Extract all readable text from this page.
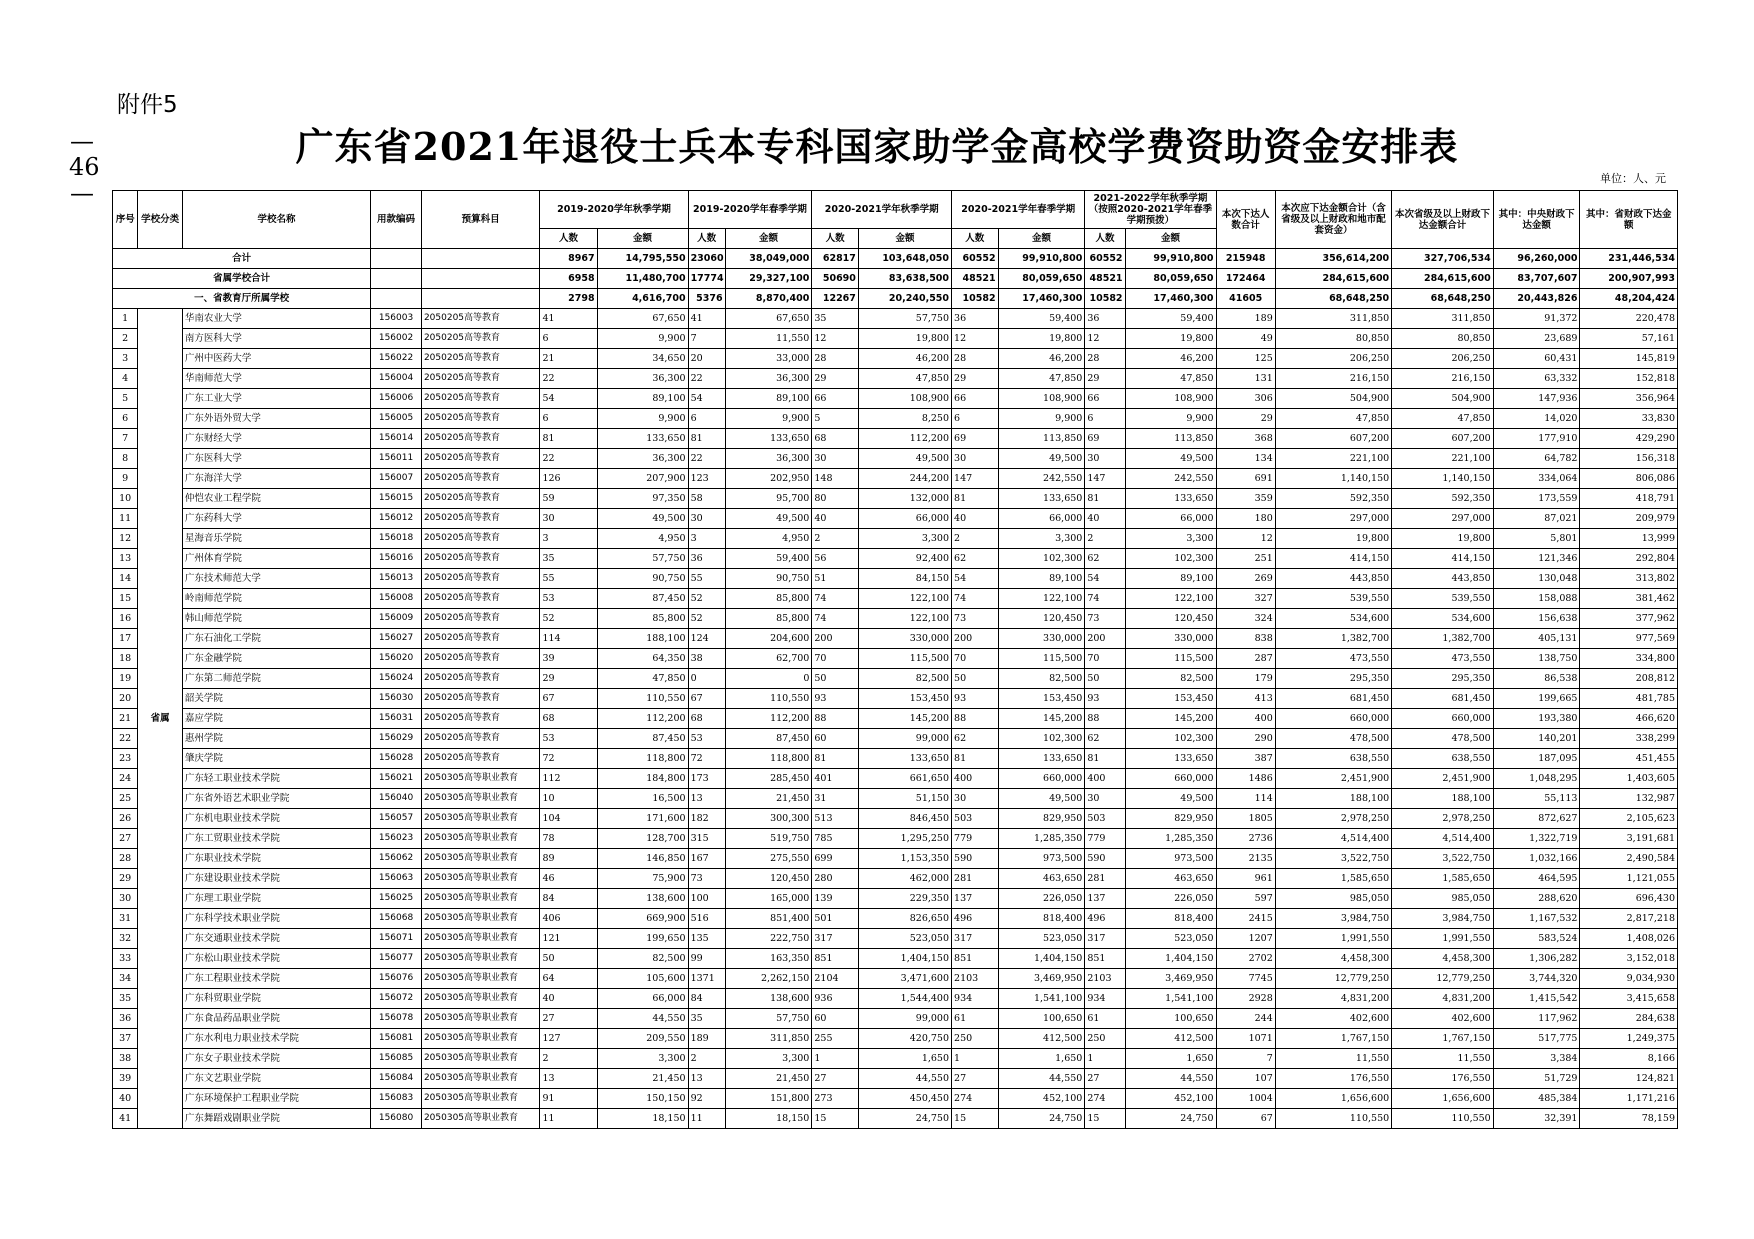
附件5
—
46
—
广东省2021年退役士兵本专科国家助学金高校学费资助资金安排表
单位：人、元
序号	学校分类	学校名称	用款编码	预算科目	2019-2020学年秋季学期		2019-2020学年春季学期		2020-2021学年秋季学期		2020-2021学年春季学期		2021-2022学年秋季学期（按照2020-2021学年春季学期预拨）		本次下达人数合计	本次应下达金额合计（含省级及以上财政和地市配套资金）	本次省级及以上财政下达金额合计	其中：中央财政下达金额	其中：省财政下达金额
					人数	金额	人数	金额	人数	金额	人数	金额	人数	金额					
合计					8967	14,795,550	23060	38,049,000	62817	103,648,050	60552	99,910,800	60552	99,910,800	215948	356,614,200	327,706,534	96,260,000	231,446,534
省属学校合计					6958	11,480,700	17774	29,327,100	50690	83,638,500	48521	80,059,650	48521	80,059,650	172464	284,615,600	284,615,600	83,707,607	200,907,993
一、省教育厅所属学校					2798	4,616,700	5376	8,870,400	12267	20,240,550	10582	17,460,300	10582	17,460,300	41605	68,648,250	68,648,250	20,443,826	48,204,424
1	省属	华南农业大学	156003	2050205高等教育	41	67,650	41	67,650	35	57,750	36	59,400	36	59,400	189	311,850	311,850	91,372	220,478
2		南方医科大学	156002	2050205高等教育	6	9,900	7	11,550	12	19,800	12	19,800	12	19,800	49	80,850	80,850	23,689	57,161
3		广州中医药大学	156022	2050205高等教育	21	34,650	20	33,000	28	46,200	28	46,200	28	46,200	125	206,250	206,250	60,431	145,819
4		华南师范大学	156004	2050205高等教育	22	36,300	22	36,300	29	47,850	29	47,850	29	47,850	131	216,150	216,150	63,332	152,818
5		广东工业大学	156006	2050205高等教育	54	89,100	54	89,100	66	108,900	66	108,900	66	108,900	306	504,900	504,900	147,936	356,964
6		广东外语外贸大学	156005	2050205高等教育	6	9,900	6	9,900	5	8,250	6	9,900	6	9,900	29	47,850	47,850	14,020	33,830
7		广东财经大学	156014	2050205高等教育	81	133,650	81	133,650	68	112,200	69	113,850	69	113,850	368	607,200	607,200	177,910	429,290
8		广东医科大学	156011	2050205高等教育	22	36,300	22	36,300	30	49,500	30	49,500	30	49,500	134	221,100	221,100	64,782	156,318
9		广东海洋大学	156007	2050205高等教育	126	207,900	123	202,950	148	244,200	147	242,550	147	242,550	691	1,140,150	1,140,150	334,064	806,086
10		仲恺农业工程学院	156015	2050205高等教育	59	97,350	58	95,700	80	132,000	81	133,650	81	133,650	359	592,350	592,350	173,559	418,791
11		广东药科大学	156012	2050205高等教育	30	49,500	30	49,500	40	66,000	40	66,000	40	66,000	180	297,000	297,000	87,021	209,979
12		星海音乐学院	156018	2050205高等教育	3	4,950	3	4,950	2	3,300	2	3,300	2	3,300	12	19,800	19,800	5,801	13,999
13		广州体育学院	156016	2050205高等教育	35	57,750	36	59,400	56	92,400	62	102,300	62	102,300	251	414,150	414,150	121,346	292,804
14		广东技术师范大学	156013	2050205高等教育	55	90,750	55	90,750	51	84,150	54	89,100	54	89,100	269	443,850	443,850	130,048	313,802
15		岭南师范学院	156008	2050205高等教育	53	87,450	52	85,800	74	122,100	74	122,100	74	122,100	327	539,550	539,550	158,088	381,462
16		韩山师范学院	156009	2050205高等教育	52	85,800	52	85,800	74	122,100	73	120,450	73	120,450	324	534,600	534,600	156,638	377,962
17		广东石油化工学院	156027	2050205高等教育	114	188,100	124	204,600	200	330,000	200	330,000	200	330,000	838	1,382,700	1,382,700	405,131	977,569
18		广东金融学院	156020	2050205高等教育	39	64,350	38	62,700	70	115,500	70	115,500	70	115,500	287	473,550	473,550	138,750	334,800
19		广东第二师范学院	156024	2050205高等教育	29	47,850	0	0	50	82,500	50	82,500	50	82,500	179	295,350	295,350	86,538	208,812
20		韶关学院	156030	2050205高等教育	67	110,550	67	110,550	93	153,450	93	153,450	93	153,450	413	681,450	681,450	199,665	481,785
21		嘉应学院	156031	2050205高等教育	68	112,200	68	112,200	88	145,200	88	145,200	88	145,200	400	660,000	660,000	193,380	466,620
22		惠州学院	156029	2050205高等教育	53	87,450	53	87,450	60	99,000	62	102,300	62	102,300	290	478,500	478,500	140,201	338,299
23		肇庆学院	156028	2050205高等教育	72	118,800	72	118,800	81	133,650	81	133,650	81	133,650	387	638,550	638,550	187,095	451,455
24		广东轻工职业技术学院	156021	2050305高等职业教育	112	184,800	173	285,450	401	661,650	400	660,000	400	660,000	1486	2,451,900	2,451,900	1,048,295	1,403,605
25		广东省外语艺术职业学院	156040	2050305高等职业教育	10	16,500	13	21,450	31	51,150	30	49,500	30	49,500	114	188,100	188,100	55,113	132,987
26		广东机电职业技术学院	156057	2050305高等职业教育	104	171,600	182	300,300	513	846,450	503	829,950	503	829,950	1805	2,978,250	2,978,250	872,627	2,105,623
27		广东工贸职业技术学院	156023	2050305高等职业教育	78	128,700	315	519,750	785	1,295,250	779	1,285,350	779	1,285,350	2736	4,514,400	4,514,400	1,322,719	3,191,681
28		广东职业技术学院	156062	2050305高等职业教育	89	146,850	167	275,550	699	1,153,350	590	973,500	590	973,500	2135	3,522,750	3,522,750	1,032,166	2,490,584
29		广东建设职业技术学院	156063	2050305高等职业教育	46	75,900	73	120,450	280	462,000	281	463,650	281	463,650	961	1,585,650	1,585,650	464,595	1,121,055
30		广东理工职业学院	156025	2050305高等职业教育	84	138,600	100	165,000	139	229,350	137	226,050	137	226,050	597	985,050	985,050	288,620	696,430
31		广东科学技术职业学院	156068	2050305高等职业教育	406	669,900	516	851,400	501	826,650	496	818,400	496	818,400	2415	3,984,750	3,984,750	1,167,532	2,817,218
32		广东交通职业技术学院	156071	2050305高等职业教育	121	199,650	135	222,750	317	523,050	317	523,050	317	523,050	1207	1,991,550	1,991,550	583,524	1,408,026
33		广东松山职业技术学院	156077	2050305高等职业教育	50	82,500	99	163,350	851	1,404,150	851	1,404,150	851	1,404,150	2702	4,458,300	4,458,300	1,306,282	3,152,018
34		广东工程职业技术学院	156076	2050305高等职业教育	64	105,600	1371	2,262,150	2104	3,471,600	2103	3,469,950	2103	3,469,950	7745	12,779,250	12,779,250	3,744,320	9,034,930
35		广东科贸职业学院	156072	2050305高等职业教育	40	66,000	84	138,600	936	1,544,400	934	1,541,100	934	1,541,100	2928	4,831,200	4,831,200	1,415,542	3,415,658
36		广东食品药品职业学院	156078	2050305高等职业教育	27	44,550	35	57,750	60	99,000	61	100,650	61	100,650	244	402,600	402,600	117,962	284,638
37		广东水利电力职业技术学院	156081	2050305高等职业教育	127	209,550	189	311,850	255	420,750	250	412,500	250	412,500	1071	1,767,150	1,767,150	517,775	1,249,375
38		广东女子职业技术学院	156085	2050305高等职业教育	2	3,300	2	3,300	1	1,650	1	1,650	1	1,650	7	11,550	11,550	3,384	8,166
39		广东文艺职业学院	156084	2050305高等职业教育	13	21,450	13	21,450	27	44,550	27	44,550	27	44,550	107	176,550	176,550	51,729	124,821
40		广东环境保护工程职业学院	156083	2050305高等职业教育	91	150,150	92	151,800	273	450,450	274	452,100	274	452,100	1004	1,656,600	1,656,600	485,384	1,171,216
41		广东舞蹈戏剧职业学院	156080	2050305高等职业教育	11	18,150	11	18,150	15	24,750	15	24,750	15	24,750	67	110,550	110,550	32,391	78,159
